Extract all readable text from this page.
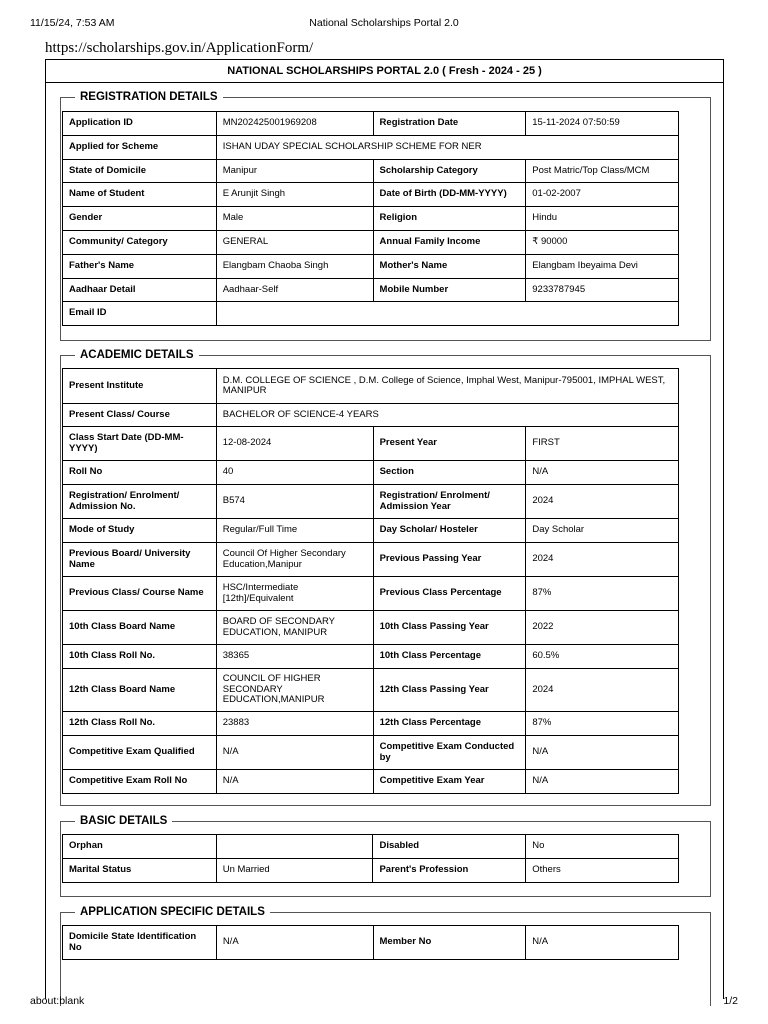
11/15/24, 7:53 AM	National Scholarships Portal 2.0
https://scholarships.gov.in/ApplicationForm/
NATIONAL SCHOLARSHIPS PORTAL 2.0 ( Fresh - 2024 - 25 )
REGISTRATION DETAILS
Application ID	MN202425001969208	Registration Date	15-11-2024 07:50:59
Applied for Scheme	ISHAN UDAY SPECIAL SCHOLARSHIP SCHEME FOR NER		
State of Domicile	Manipur	Scholarship Category	Post Matric/Top Class/MCM
Name of Student	E Arunjit Singh	Date of Birth (DD-MM-YYYY)	01-02-2007
Gender	Male	Religion	Hindu
Community/ Category	GENERAL	Annual Family Income	₹ 90000
Father's Name	Elangbam Chaoba Singh	Mother's Name	Elangbam Ibeyaima Devi
Aadhaar Detail	Aadhaar-Self	Mobile Number	9233787945
Email ID			
ACADEMIC DETAILS
Present Institute	D.M. COLLEGE OF SCIENCE , D.M. College of Science, Imphal West, Manipur-795001, IMPHAL WEST, MANIPUR		
Present Class/ Course	BACHELOR OF SCIENCE-4 YEARS		
Class Start Date (DD-MM-YYYY)	12-08-2024	Present Year	FIRST
Roll No	40	Section	N/A
Registration/ Enrolment/ Admission No.	B574	Registration/ Enrolment/ Admission Year	2024
Mode of Study	Regular/Full Time	Day Scholar/ Hosteler	Day Scholar
Previous Board/ University Name	Council Of Higher Secondary Education,Manipur	Previous Passing Year	2024
Previous Class/ Course Name	HSC/Intermediate [12th]/Equivalent	Previous Class Percentage	87%
10th Class Board Name	BOARD OF SECONDARY EDUCATION, MANIPUR	10th Class Passing Year	2022
10th Class Roll No.	38365	10th Class Percentage	60.5%
12th Class Board Name	COUNCIL OF HIGHER SECONDARY EDUCATION,MANIPUR	12th Class Passing Year	2024
12th Class Roll No.	23883	12th Class Percentage	87%
Competitive Exam Qualified	N/A	Competitive Exam Conducted by	N/A
Competitive Exam Roll No	N/A	Competitive Exam Year	N/A
BASIC DETAILS
Orphan		Disabled	No
Marital Status	Un Married	Parent's Profession	Others
APPLICATION SPECIFIC DETAILS
Domicile State Identification No	N/A	Member No	N/A
about:blank	1/2
